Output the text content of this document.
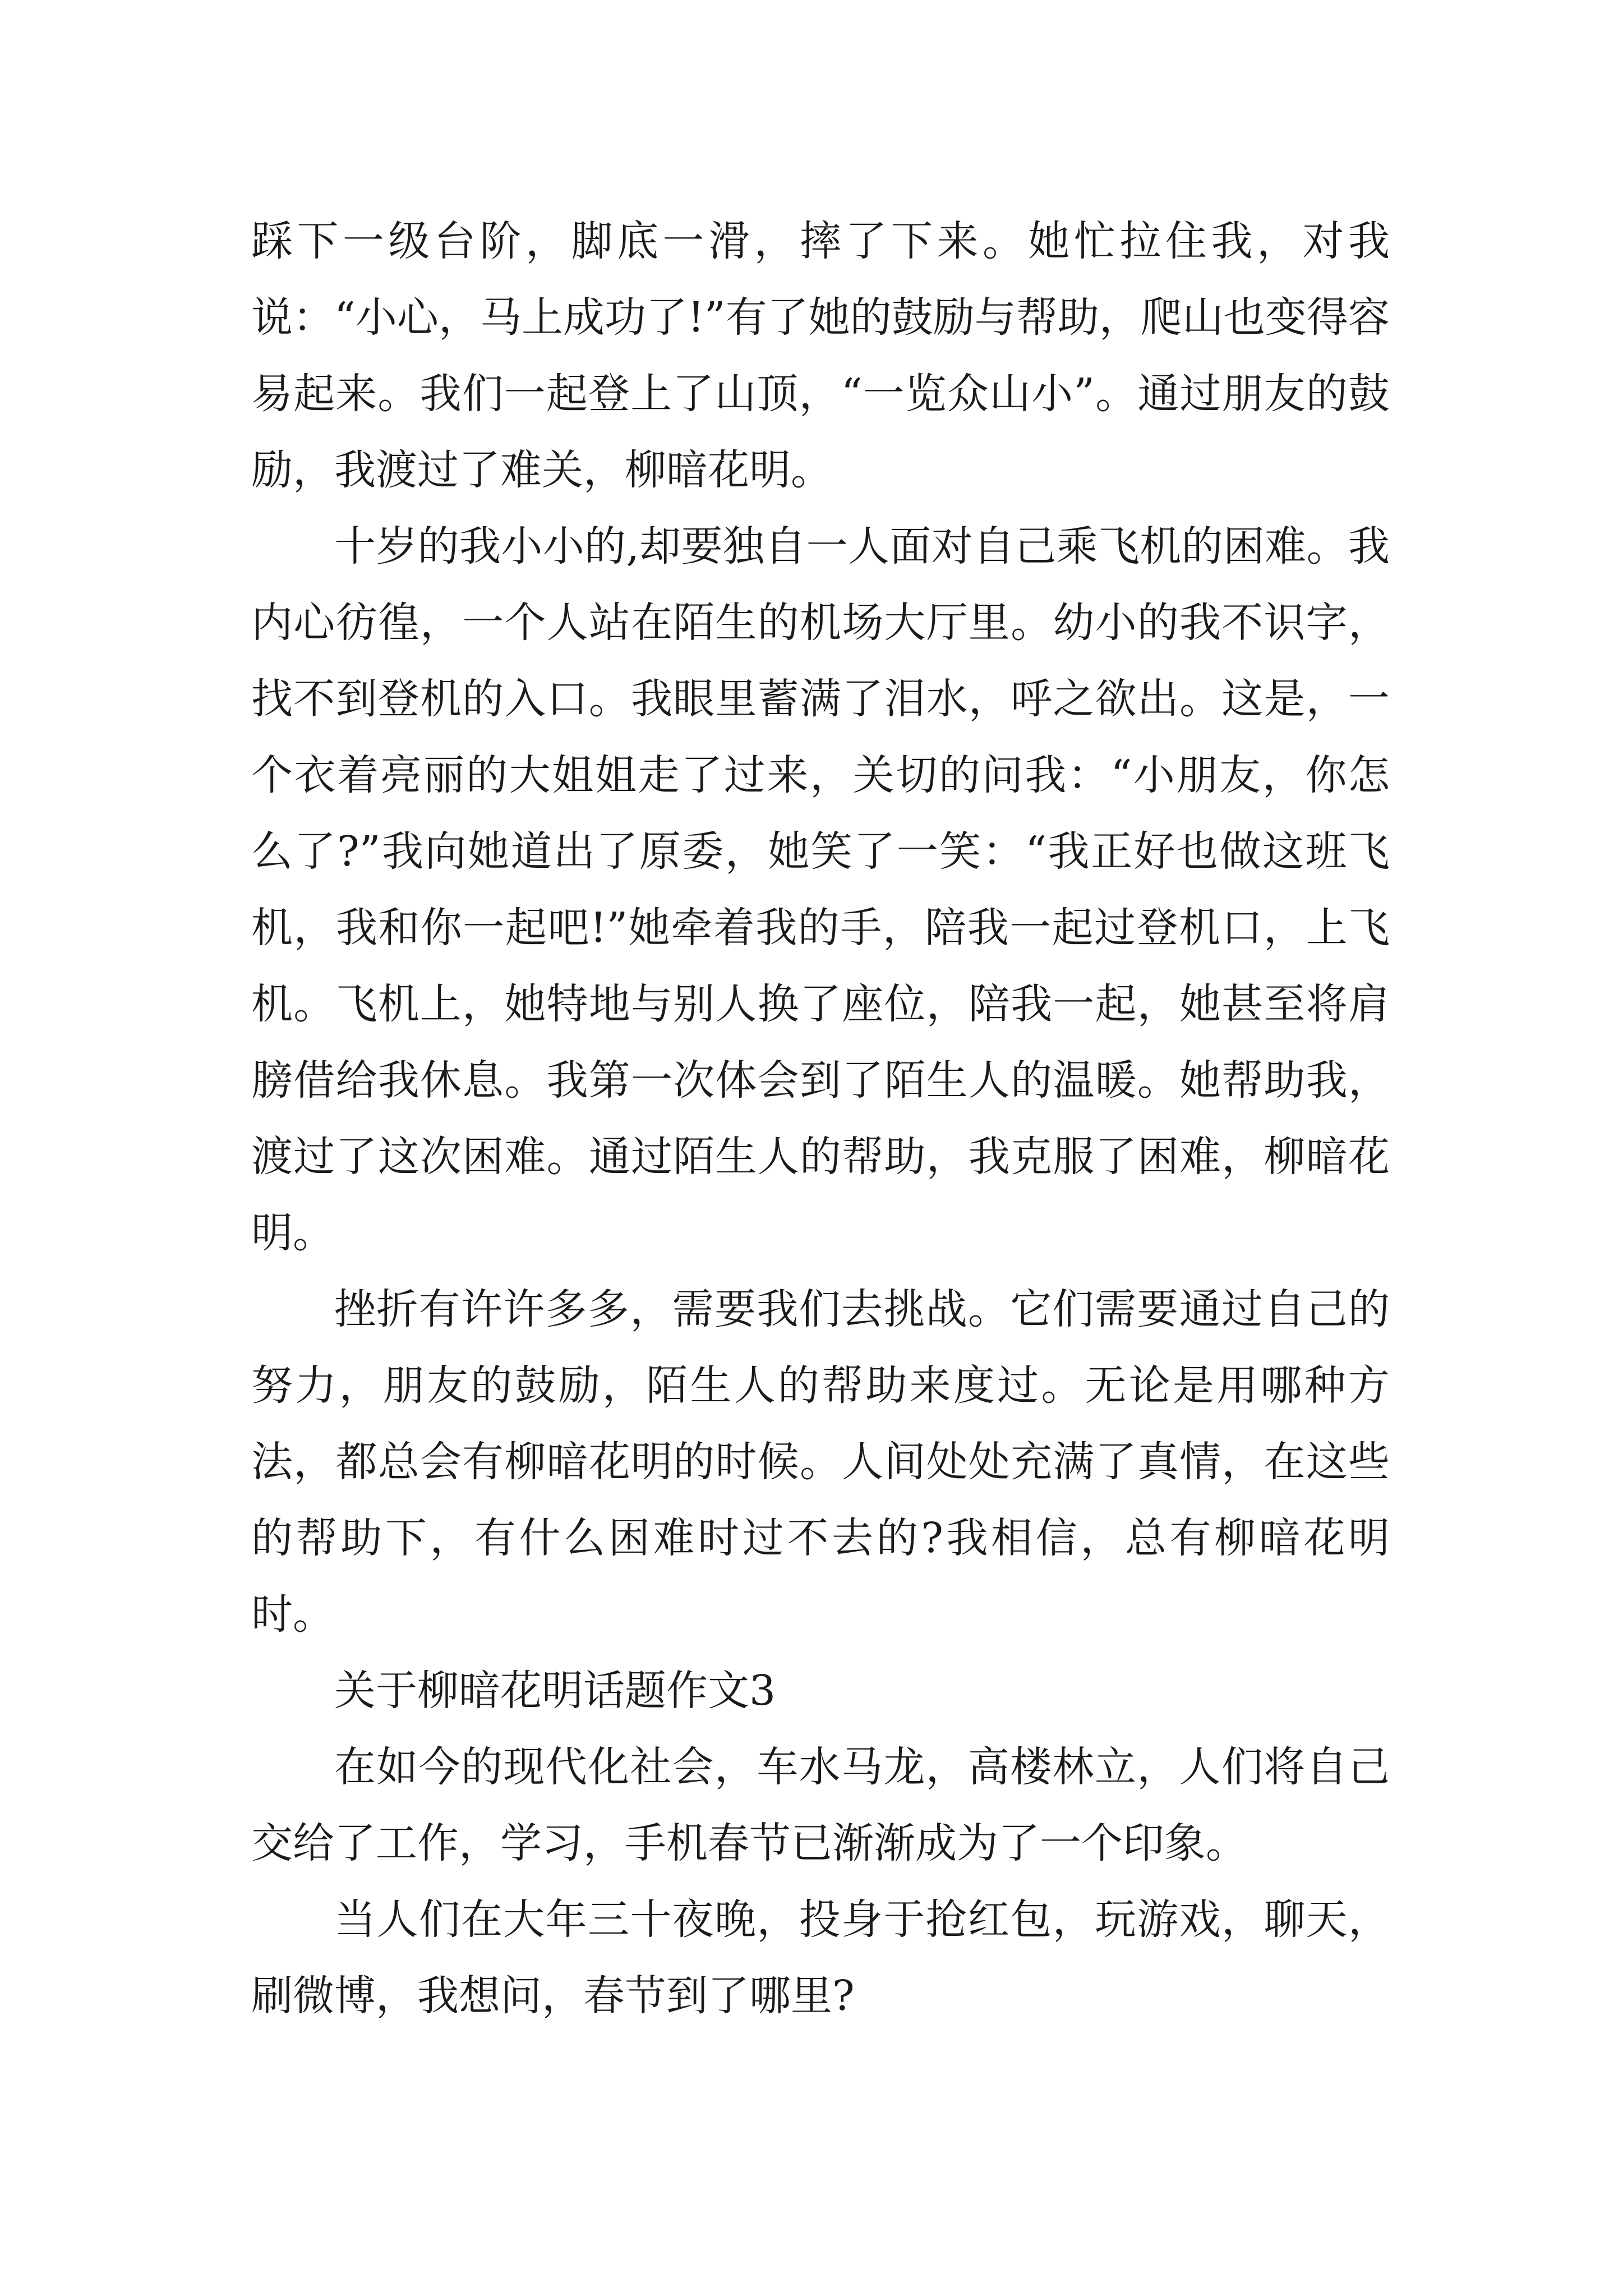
踩下一级台阶，脚底一滑，摔了下来。她忙拉住我，对我说：“小心，马上成功了!”有了她的鼓励与帮助，爬山也变得容易起来。我们一起登上了山顶，“一览众山小”。通过朋友的鼓励，我渡过了难关，柳暗花明。

十岁的我小小的,却要独自一人面对自己乘飞机的困难。我内心彷徨，一个人站在陌生的机场大厅里。幼小的我不识字，找不到登机的入口。我眼里蓄满了泪水，呼之欲出。这是，一个衣着亮丽的大姐姐走了过来，关切的问我：“小朋友，你怎么了?”我向她道出了原委，她笑了一笑：“我正好也做这班飞机，我和你一起吧!”她牵着我的手，陪我一起过登机口，上飞机。飞机上，她特地与别人换了座位，陪我一起，她甚至将肩膀借给我休息。我第一次体会到了陌生人的温暖。她帮助我，渡过了这次困难。通过陌生人的帮助，我克服了困难，柳暗花明。

挫折有许许多多，需要我们去挑战。它们需要通过自己的努力，朋友的鼓励，陌生人的帮助来度过。无论是用哪种方法，都总会有柳暗花明的时候。人间处处充满了真情，在这些的帮助下，有什么困难时过不去的?我相信，总有柳暗花明时。

关于柳暗花明话题作文3

在如今的现代化社会，车水马龙，高楼林立，人们将自己交给了工作，学习，手机春节已渐渐成为了一个印象。

当人们在大年三十夜晚，投身于抢红包，玩游戏，聊天，刷微博，我想问，春节到了哪里?
